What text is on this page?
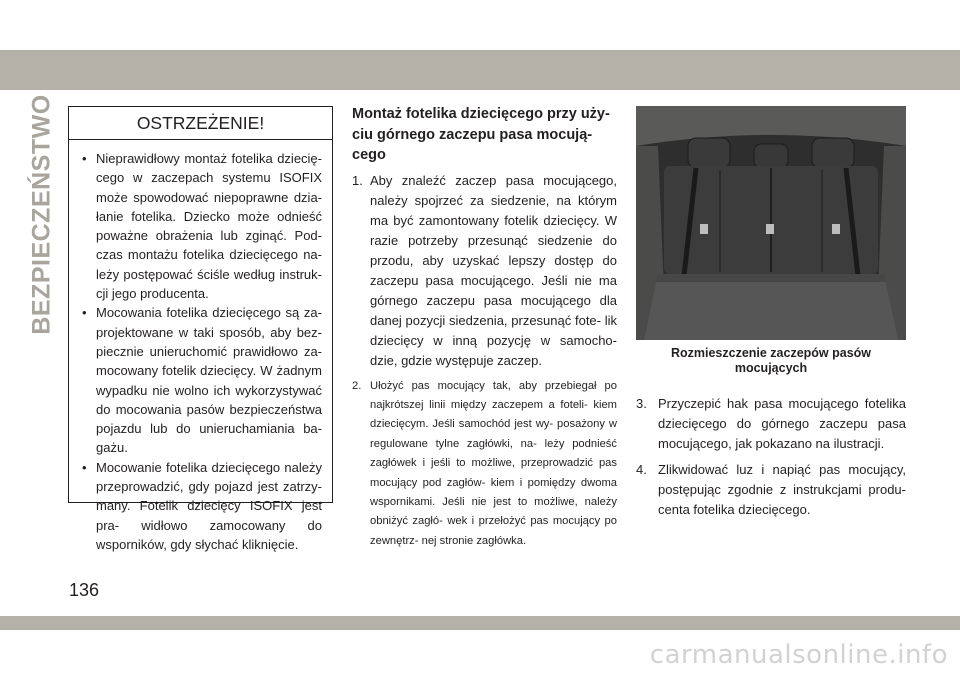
BEZPIECZEŃSTWO	OSTRZEŻENIE!
• Nieprawidłowy montaż fotelika dziecię- cego w zaczepach systemu ISOFIX może spowodować niepoprawne dzia- łanie fotelika. Dziecko może odnieść poważne obrażenia lub zginąć. Pod- czas montażu fotelika dziecięcego na- leży postępować ściśle według instruk- cji jego producenta.
• Mocowania fotelika dziecięcego są za- projektowane w taki sposób, aby bez- piecznie unieruchomić prawidłowo za- mocowany fotelik dziecięcy. W żadnym wypadku nie wolno ich wykorzystywać do mocowania pasów bezpieczeństwa pojazdu lub do unieruchamiania ba- gażu.
• Mocowanie fotelika dziecięcego należy przeprowadzić, gdy pojazd jest zatrzy- many. Fotelik dziecięcy ISOFIX jest pra- widłowo zamocowany do wsporników, gdy słychać kliknięcie.
Montaż fotelika dziecięcego przy uży- ciu górnego zaczepu pasa mocują- cego
1. Aby znaleźć zaczep pasa mocującego, należy spojrzeć za siedzenie, na którym ma być zamontowany fotelik dziecięcy. W razie potrzeby przesunąć siedzenie do przodu, aby uzyskać lepszy dostęp do zaczepu pasa mocującego. Jeśli nie ma górnego zaczepu pasa mocującego dla danej pozycji siedzenia, przesunąć fote- lik dziecięcy w inną pozycję w samocho- dzie, gdzie występuje zaczep.
2. Ułożyć pas mocujący tak, aby przebiegał po najkrótszej linii między zaczepem a foteli- kiem dziecięcym. Jeśli samochód jest wy- posażony w regulowane tylne zagłówki, na- leży podnieść zagłówek i jeśli to możliwe, przeprowadzić pas mocujący pod zagłów- kiem i pomiędzy dwoma wspornikami. Jeśli nie jest to możliwe, należy obniżyć zagłó- wek i przełożyć pas mocujący po zewnętrz- nej stronie zagłówka.
Rozmieszczenie zaczepów pasów
mocujących
3. Przyczepić hak pasa mocującego fotelika dziecięcego do górnego zaczepu pasa mocującego, jak pokazano na ilustracji.
4. Zlikwidować luz i napiąć pas mocujący, postępując zgodnie z instrukcjami produ- centa fotelika dziecięcego.
136
carmanualsonline.info
